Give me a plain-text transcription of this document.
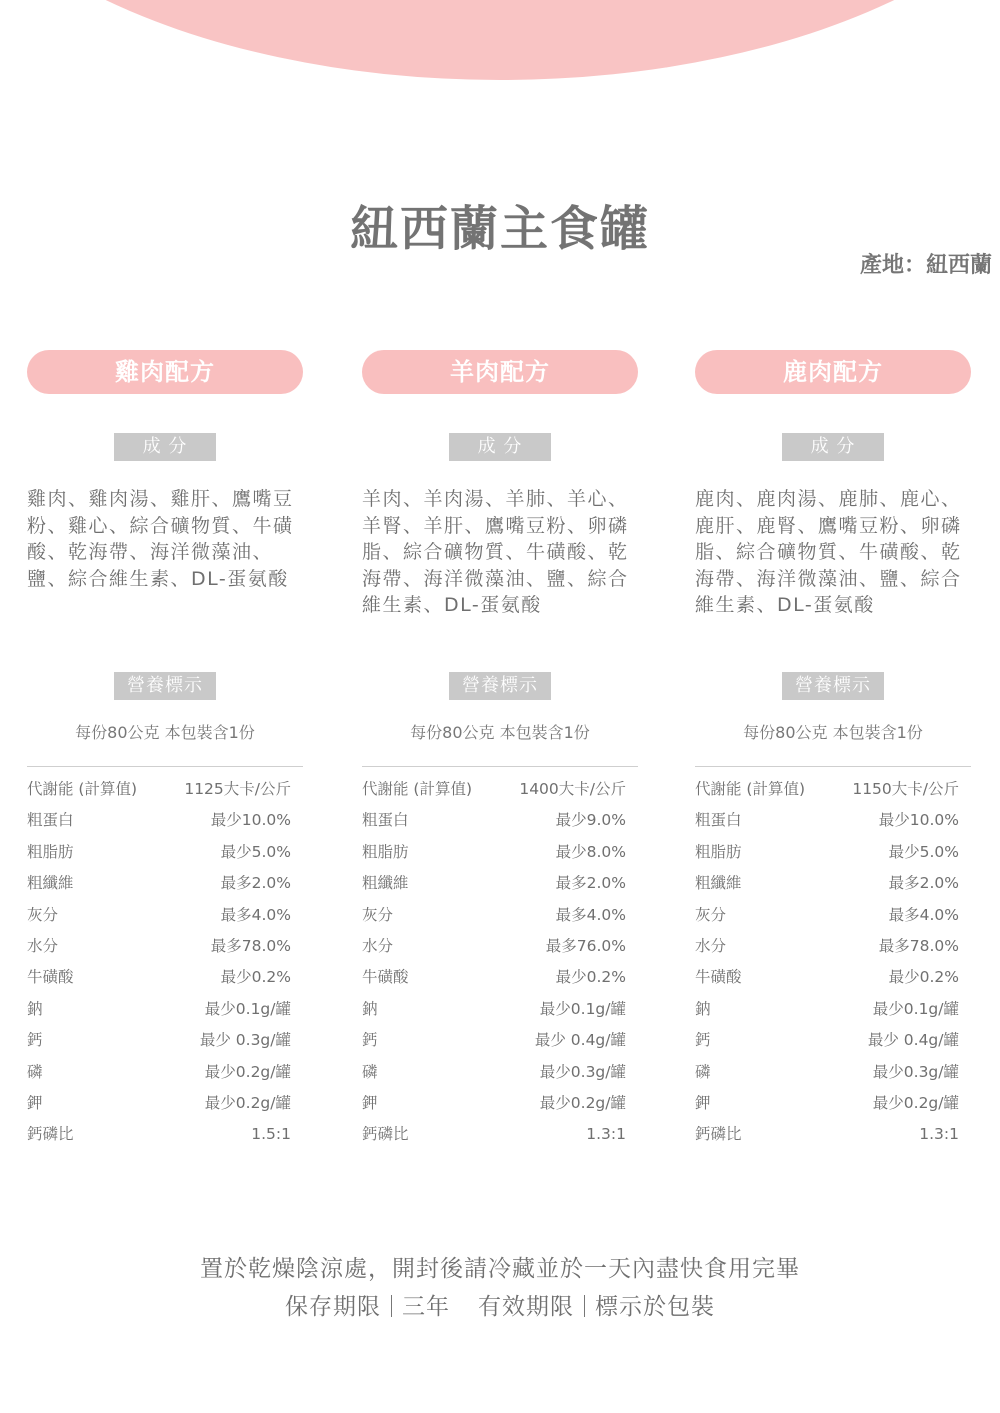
紐西蘭主食罐
產地：紐西蘭
雞肉配方
成 分
雞肉、雞肉湯、雞肝、鷹嘴豆粉、雞心、綜合礦物質、牛磺酸、乾海帶、海洋微藻油、鹽、綜合維生素、DL-蛋氨酸
營養標示
每份80公克 本包裝含1份
代謝能 (計算值)	1125大卡/公斤
粗蛋白	最少10.0%
粗脂肪	最少5.0%
粗纖維	最多2.0%
灰分	最多4.0%
水分	最多78.0%
牛磺酸	最少0.2%
鈉	最少0.1g/罐
鈣	最少 0.3g/罐
磷	最少0.2g/罐
鉀	最少0.2g/罐
鈣磷比	1.5:1
羊肉配方
成 分
羊肉、羊肉湯、羊肺、羊心、羊腎、羊肝、鷹嘴豆粉、卵磷脂、綜合礦物質、牛磺酸、乾海帶、海洋微藻油、鹽、綜合維生素、DL-蛋氨酸
營養標示
每份80公克 本包裝含1份
代謝能 (計算值)	1400大卡/公斤
粗蛋白	最少9.0%
粗脂肪	最少8.0%
粗纖維	最多2.0%
灰分	最多4.0%
水分	最多76.0%
牛磺酸	最少0.2%
鈉	最少0.1g/罐
鈣	最少 0.4g/罐
磷	最少0.3g/罐
鉀	最少0.2g/罐
鈣磷比	1.3:1
鹿肉配方
成 分
鹿肉、鹿肉湯、鹿肺、鹿心、鹿肝、鹿腎、鷹嘴豆粉、卵磷脂、綜合礦物質、牛磺酸、乾海帶、海洋微藻油、鹽、綜合維生素、DL-蛋氨酸
營養標示
每份80公克 本包裝含1份
代謝能 (計算值)	1150大卡/公斤
粗蛋白	最少10.0%
粗脂肪	最少5.0%
粗纖維	最多2.0%
灰分	最多4.0%
水分	最多78.0%
牛磺酸	最少0.2%
鈉	最少0.1g/罐
鈣	最少 0.4g/罐
磷	最少0.3g/罐
鉀	最少0.2g/罐
鈣磷比	1.3:1
置於乾燥陰涼處，開封後請冷藏並於一天內盡快食用完畢
保存期限 三年 有效期限 標示於包裝
